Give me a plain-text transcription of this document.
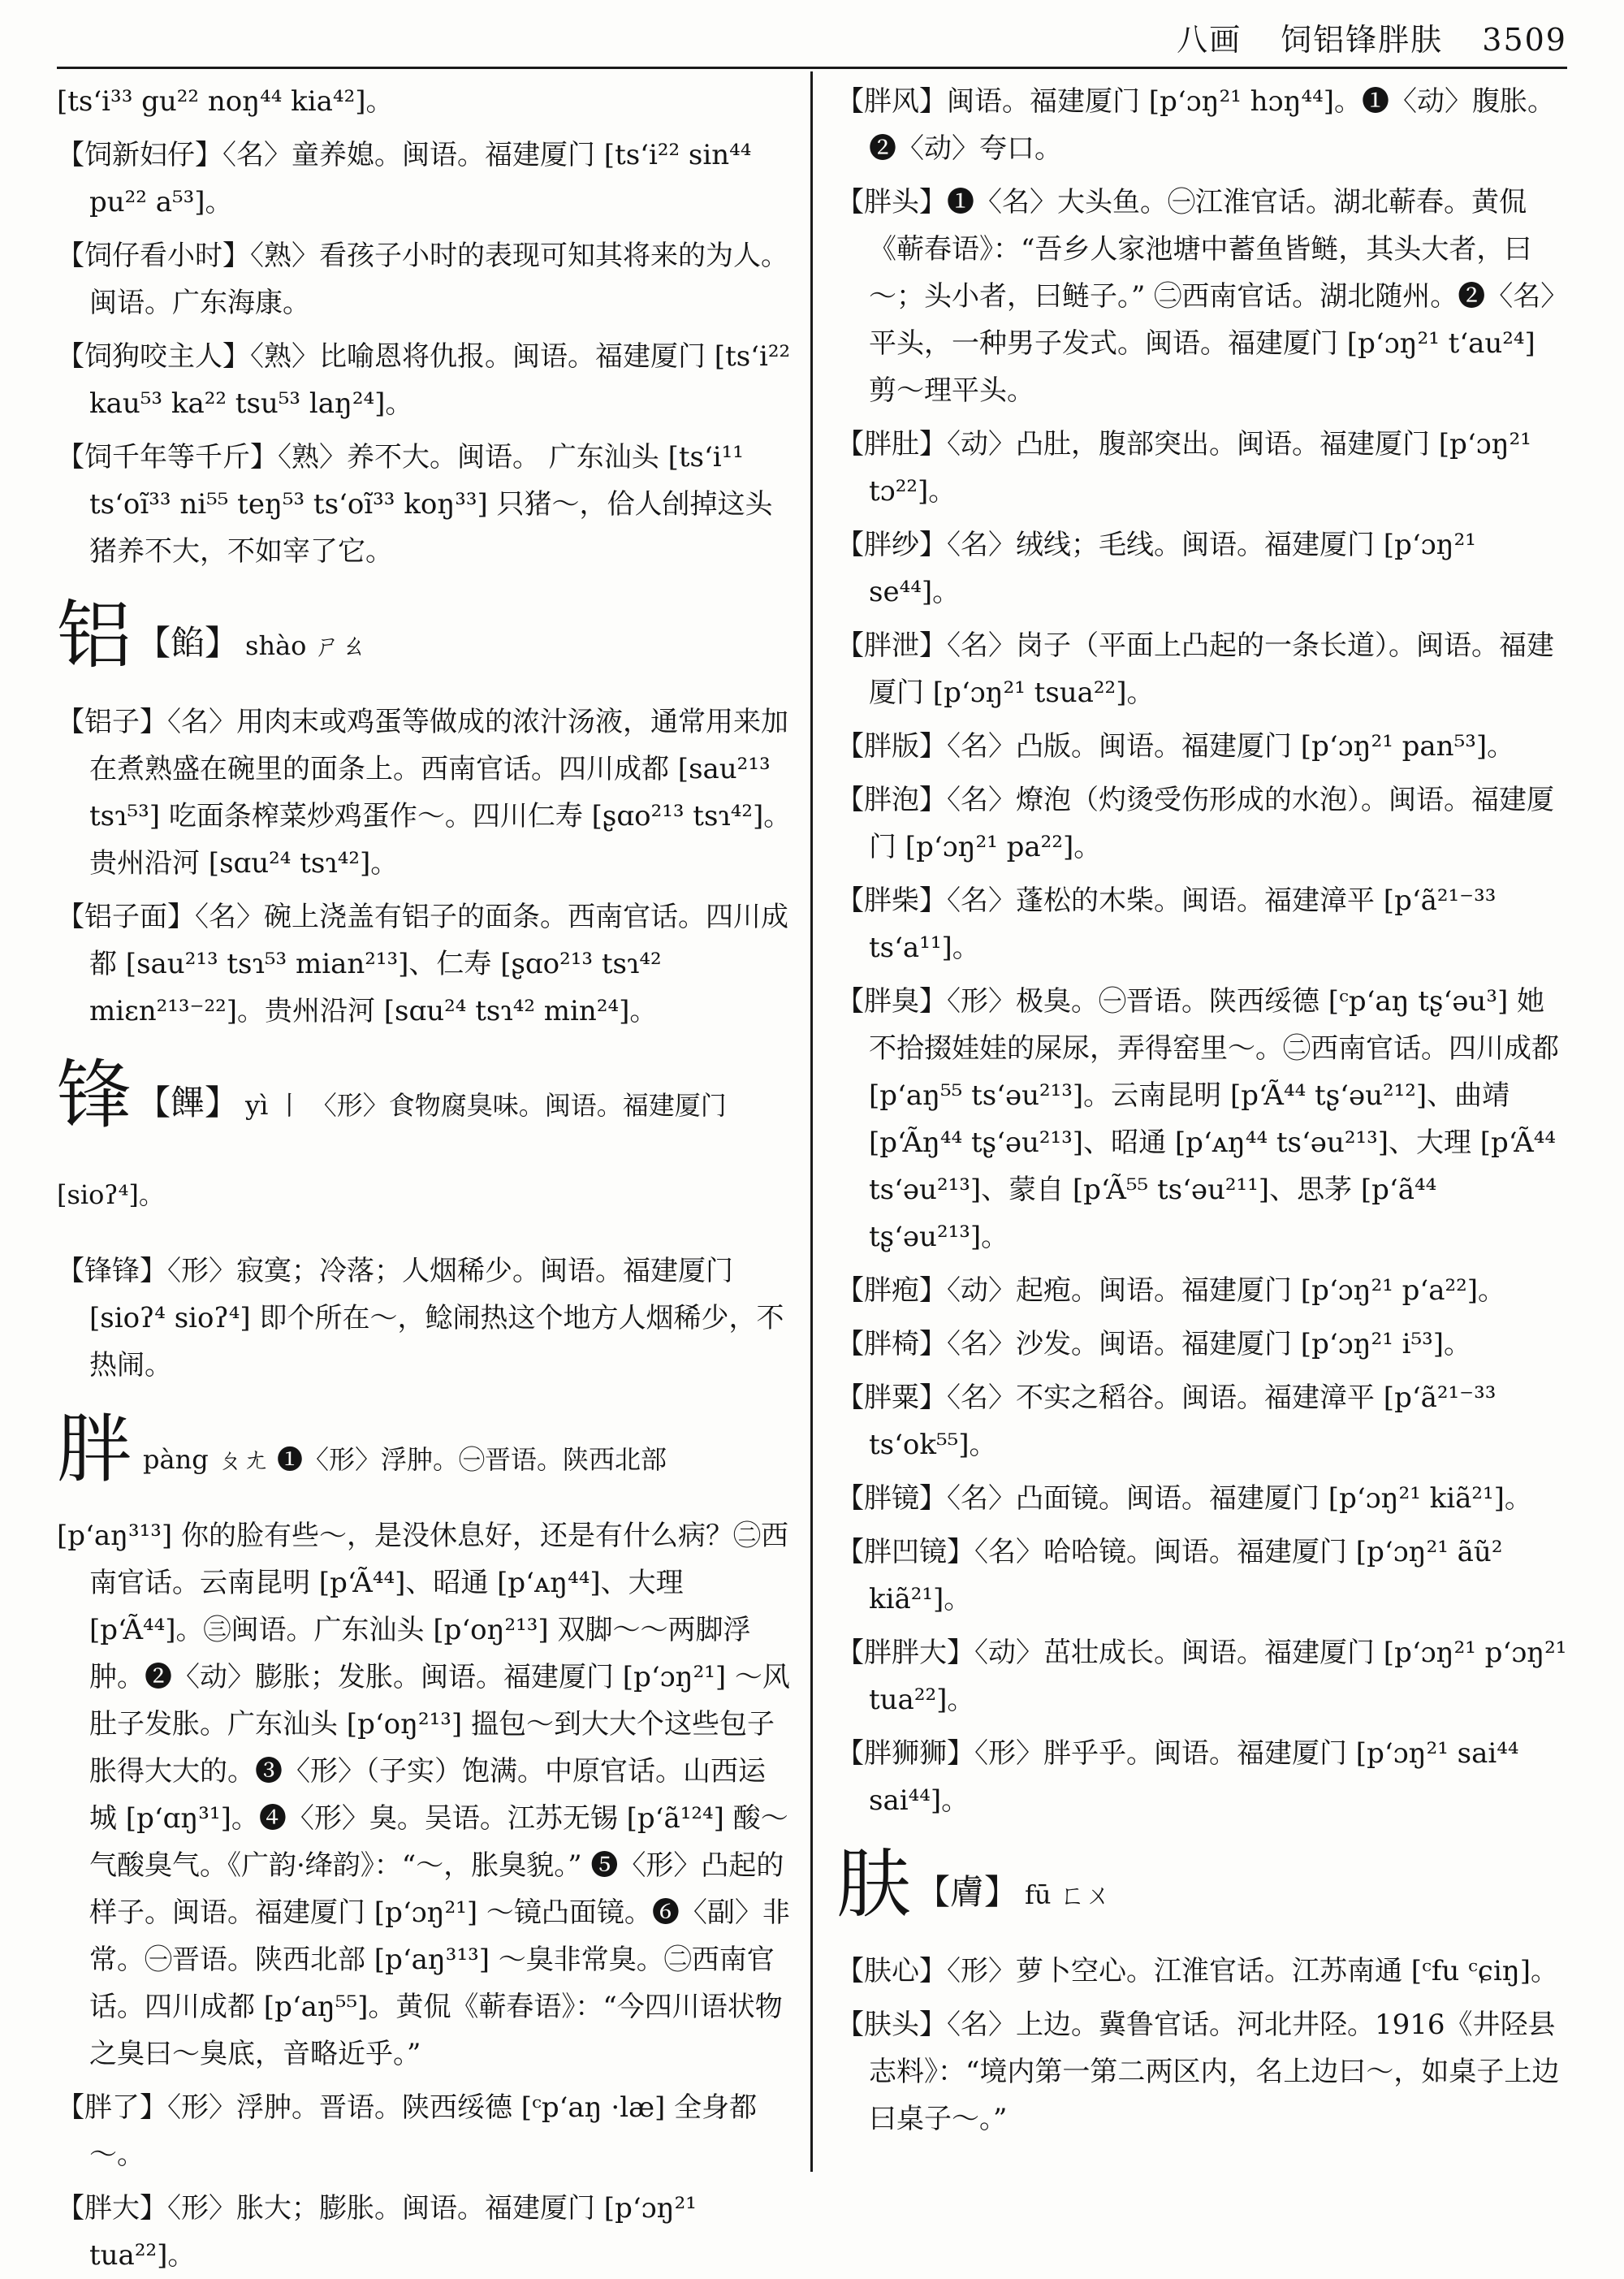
八画 饲铝锋胖肤 3509
[ts‘i³³ gu²² noŋ⁴⁴ kia⁴²]。
【饲新妇仔】〈名〉童养媳。闽语。福建厦门 [ts‘i²² sin⁴⁴ pu²² a⁵³]。
【饲仔看小时】〈熟〉看孩子小时的表现可知其将来的为人。闽语。广东海康。
【饲狗咬主人】〈熟〉比喻恩将仇报。闽语。福建厦门 [ts‘i²² kau⁵³ ka²² tsu⁵³ laŋ²⁴]。
【饲千年等千斤】〈熟〉养不大。闽语。 广东汕头 [ts‘i¹¹ ts‘oĩ³³ ni⁵⁵ teŋ⁵³ ts‘oĩ³³ koŋ³³] 只猪～，佮人刣掉这头猪养不大，不如宰了它。
铝 【餡】 shào ㄕㄠ
【铝子】〈名〉用肉末或鸡蛋等做成的浓汁汤液，通常用来加在煮熟盛在碗里的面条上。西南官话。四川成都 [sau²¹³ tsɿ⁵³] 吃面条榨菜炒鸡蛋作～。四川仁寿 [ʂɑo²¹³ tsɿ⁴²]。贵州沿河 [sɑu²⁴ tsɿ⁴²]。
【铝子面】〈名〉碗上浇盖有铝子的面条。西南官话。四川成都 [sau²¹³ tsɿ⁵³ mian²¹³]、仁寿 [ʂɑo²¹³ tsɿ⁴² miɛn²¹³⁻²²]。贵州沿河 [sɑu²⁴ tsɿ⁴² min²⁴]。
锋 【饆】 yì 丨 〈形〉食物腐臭味。闽语。福建厦门 [sioʔ⁴]。
【锋锋】〈形〉寂寞；冷落；人烟稀少。闽语。福建厦门 [sioʔ⁴ sioʔ⁴] 即个所在～，鲶闹热这个地方人烟稀少，不热闹。
胖pàng ㄆㄤ ❶〈形〉浮肿。㊀晋语。陕西北部
[p‘aŋ³¹³] 你的脸有些～，是没休息好，还是有什么病？㊁西南官话。云南昆明 [p‘Ã⁴⁴]、昭通 [p‘ᴀŋ⁴⁴]、大理 [p‘Ã⁴⁴]。㊂闽语。广东汕头 [p‘oŋ²¹³] 双脚～～两脚浮肿。❷〈动〉膨胀；发胀。闽语。福建厦门 [p‘ɔŋ²¹] ～风肚子发胀。广东汕头 [p‘oŋ²¹³] 搵包～到大大个这些包子胀得大大的。❸〈形〉（子实）饱满。中原官话。山西运城 [p‘ɑŋ³¹]。❹〈形〉臭。吴语。江苏无锡 [p‘ã¹²⁴] 酸～气酸臭气。《广韵·绛韵》：“～，胀臭貌。” ❺〈形〉凸起的样子。闽语。福建厦门 [p‘ɔŋ²¹] ～镜凸面镜。❻〈副〉非常。㊀晋语。陕西北部 [p‘aŋ³¹³] ～臭非常臭。㊁西南官话。四川成都 [p‘aŋ⁵⁵]。黄侃《蕲春语》：“今四川语状物之臭曰～臭底，音略近乎。”
【胖了】〈形〉浮肿。晋语。陕西绥德 [ᶜp‘aŋ ·læ] 全身都～。
【胖大】〈形〉胀大；膨胀。闽语。福建厦门 [p‘ɔŋ²¹ tua²²]。
【胖风】闽语。福建厦门 [p‘ɔŋ²¹ hɔŋ⁴⁴]。❶〈动〉腹胀。❷〈动〉夸口。
【胖头】❶〈名〉大头鱼。㊀江淮官话。湖北蕲春。黄侃《蕲春语》：“吾乡人家池塘中蓄鱼皆鲢，其头大者，曰～；头小者，曰鲢子。” ㊁西南官话。湖北随州。❷〈名〉平头，一种男子发式。闽语。福建厦门 [p‘ɔŋ²¹ t‘au²⁴] 剪～理平头。
【胖肚】〈动〉凸肚，腹部突出。闽语。福建厦门 [p‘ɔŋ²¹ tɔ²²]。
【胖纱】〈名〉绒线；毛线。闽语。福建厦门 [p‘ɔŋ²¹ se⁴⁴]。
【胖泄】〈名〉岗子（平面上凸起的一条长道）。闽语。福建厦门 [p‘ɔŋ²¹ tsua²²]。
【胖版】〈名〉凸版。闽语。福建厦门 [p‘ɔŋ²¹ pan⁵³]。
【胖泡】〈名〉燎泡（灼烫受伤形成的水泡）。闽语。福建厦门 [p‘ɔŋ²¹ pa²²]。
【胖柴】〈名〉蓬松的木柴。闽语。福建漳平 [p‘ã²¹⁻³³ ts‘a¹¹]。
【胖臭】〈形〉极臭。㊀晋语。陕西绥德 [ᶜp‘aŋ tʂ‘əu³] 她不拾掇娃娃的屎尿，弄得窑里～。㊁西南官话。四川成都 [p‘aŋ⁵⁵ ts‘əu²¹³]。云南昆明 [p‘Ã⁴⁴ tʂ‘əu²¹²]、曲靖 [p‘Ãŋ⁴⁴ tʂ‘əu²¹³]、昭通 [p‘ᴀŋ⁴⁴ ts‘əu²¹³]、大理 [p‘Ã⁴⁴ ts‘əu²¹³]、蒙自 [p‘Ã⁵⁵ ts‘əu²¹¹]、思茅 [p‘ã⁴⁴ tʂ‘əu²¹³]。
【胖疱】〈动〉起疱。闽语。福建厦门 [p‘ɔŋ²¹ p‘a²²]。
【胖椅】〈名〉沙发。闽语。福建厦门 [p‘ɔŋ²¹ i⁵³]。
【胖粟】〈名〉不实之稻谷。闽语。福建漳平 [p‘ã²¹⁻³³ ts‘ok⁵⁵]。
【胖镜】〈名〉凸面镜。闽语。福建厦门 [p‘ɔŋ²¹ kiã²¹]。
【胖凹镜】〈名〉哈哈镜。闽语。福建厦门 [p‘ɔŋ²¹ ãũ² kiã²¹]。
【胖胖大】〈动〉茁壮成长。闽语。福建厦门 [p‘ɔŋ²¹ p‘ɔŋ²¹ tua²²]。
【胖狮狮】〈形〉胖乎乎。闽语。福建厦门 [p‘ɔŋ²¹ sai⁴⁴ sai⁴⁴]。
肤 【膚】 fū ㄈㄨ
【肤心】〈形〉萝卜空心。江淮官话。江苏南通 [ᶜfu ᶜɕiŋ]。
【肤头】〈名〉上边。冀鲁官话。河北井陉。1916《井陉县志料》：“境内第一第二两区内，名上边曰～，如桌子上边曰桌子～。”
